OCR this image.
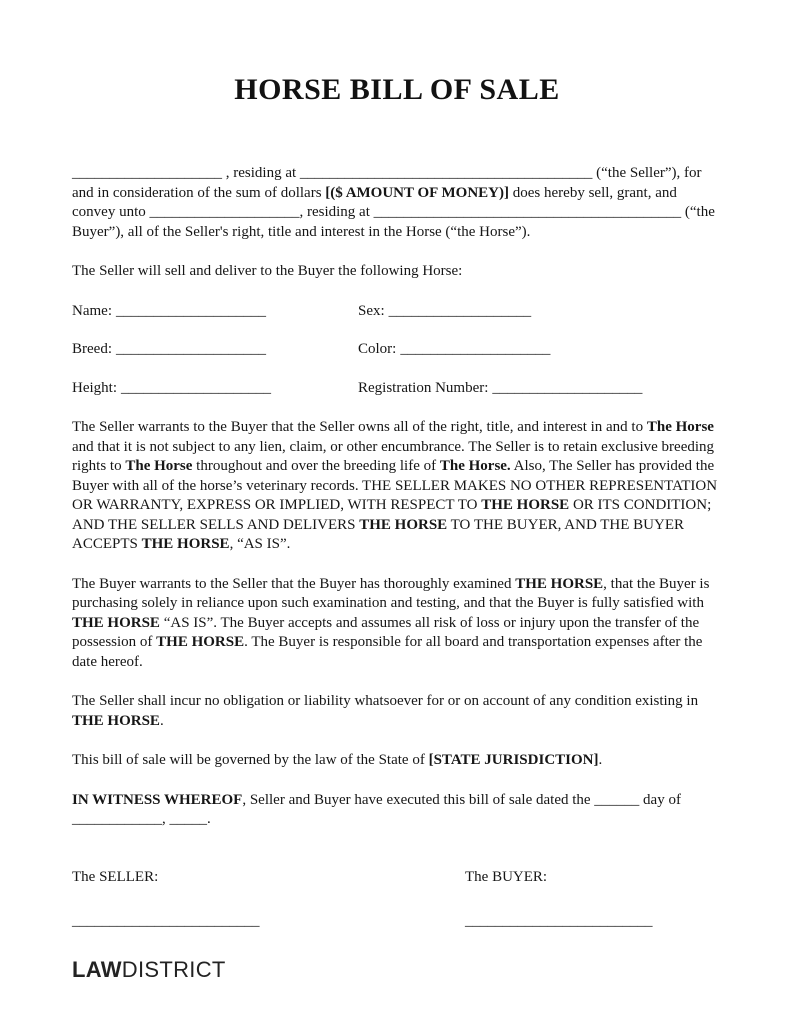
HORSE BILL OF SALE

____________________ , residing at _______________________________________ (“the Seller”), for and in consideration of the sum of dollars [($ AMOUNT OF MONEY)] does hereby sell, grant, and convey unto ____________________, residing at _________________________________________ (“the Buyer”), all of the Seller's right, title and interest in the Horse (“the Horse”).

The Seller will sell and deliver to the Buyer the following Horse:

Name: ____________________	Sex: ___________________
Breed: ____________________	Color: ____________________
Height: ____________________	Registration Number: ____________________

The Seller warrants to the Buyer that the Seller owns all of the right, title, and interest in and to The Horse and that it is not subject to any lien, claim, or other encumbrance. The Seller is to retain exclusive breeding rights to The Horse throughout and over the breeding life of The Horse. Also, The Seller has provided the Buyer with all of the horse’s veterinary records. THE SELLER MAKES NO OTHER REPRESENTATION OR WARRANTY, EXPRESS OR IMPLIED, WITH RESPECT TO THE HORSE OR ITS CONDITION; AND THE SELLER SELLS AND DELIVERS THE HORSE TO THE BUYER, AND THE BUYER ACCEPTS THE HORSE, “AS IS”.

The Buyer warrants to the Seller that the Buyer has thoroughly examined THE HORSE, that the Buyer is purchasing solely in reliance upon such examination and testing, and that the Buyer is fully satisfied with THE HORSE “AS IS”. The Buyer accepts and assumes all risk of loss or injury upon the transfer of the possession of THE HORSE. The Buyer is responsible for all board and transportation expenses after the date hereof.

The Seller shall incur no obligation or liability whatsoever for or on account of any condition existing in THE HORSE.

This bill of sale will be governed by the law of the State of [STATE JURISDICTION].

IN WITNESS WHEREOF, Seller and Buyer have executed this bill of sale dated the ______ day of ____________, _____.

The SELLER:	The BUYER:
_________________________	_________________________
LAWDISTRICT
